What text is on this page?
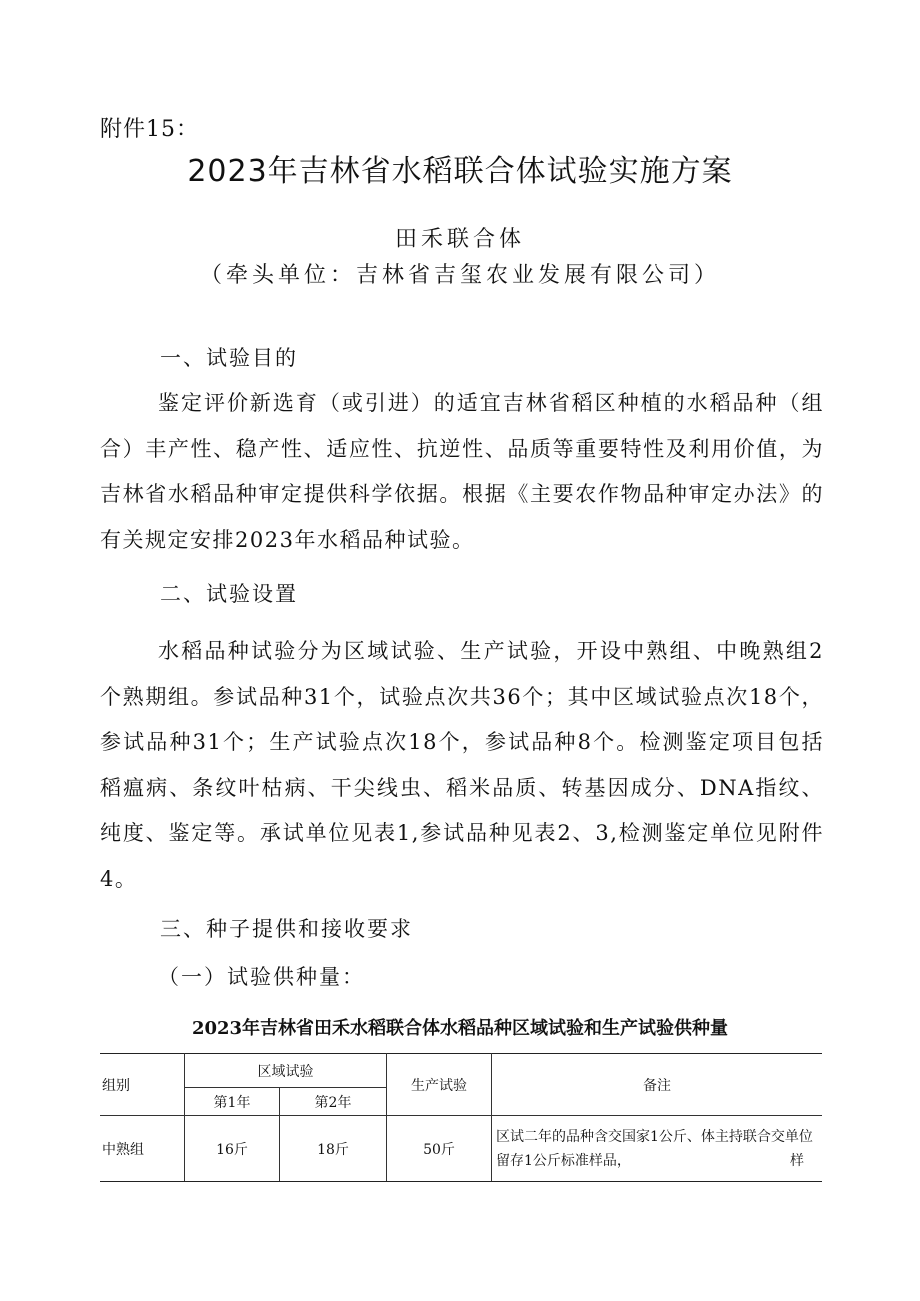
附件15：
2023年吉林省水稻联合体试验实施方案
田禾联合体
（牵头单位：吉林省吉玺农业发展有限公司）
一、试验目的
鉴定评价新选育（或引进）的适宜吉林省稻区种植的水稻品种（组合）丰产性、稳产性、适应性、抗逆性、品质等重要特性及利用价值，为吉林省水稻品种审定提供科学依据。根据《主要农作物品种审定办法》的有关规定安排2023年水稻品种试验。
二、试验设置
水稻品种试验分为区域试验、生产试验，开设中熟组、中晚熟组2个熟期组。参试品种31个，试验点次共36个；其中区域试验点次18个，参试品种31个；生产试验点次18个，参试品种8个。检测鉴定项目包括稻瘟病、条纹叶枯病、干尖线虫、稻米品质、转基因成分、DNA指纹、纯度、鉴定等。承试单位见表1,参试品种见表2、3,检测鉴定单位见附件4。
三、种子提供和接收要求
（一）试验供种量：
2023年吉林省田禾水稻联合体水稻品种区域试验和生产试验供种量
组别	区域试验		生产试验	备注
	第1年	第2年		
中熟组	16斤	18斤	50斤	区试二年的品种含交国家1公斤、体主持联合交单位留存1公斤标准样品， 样
